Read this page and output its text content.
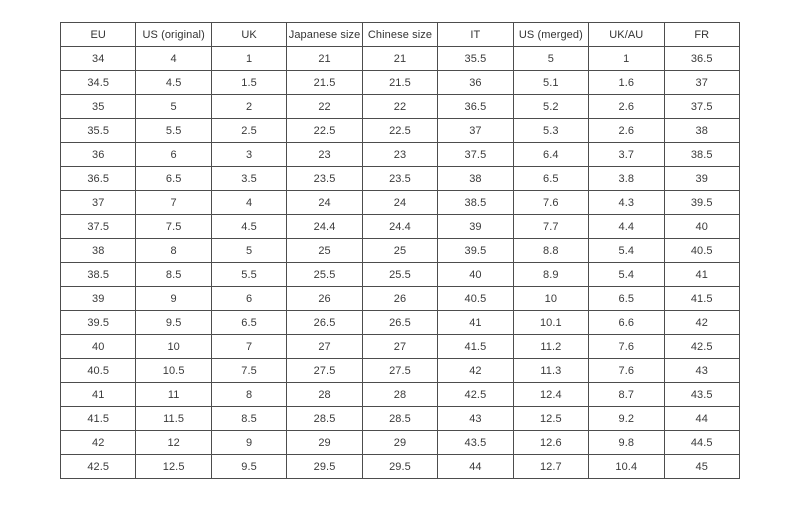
EU	US (original)	UK	Japanese size	Chinese size	IT	US (merged)	UK/AU	FR
34	4	1	21	21	35.5	5	1	36.5
34.5	4.5	1.5	21.5	21.5	36	5.1	1.6	37
35	5	2	22	22	36.5	5.2	2.6	37.5
35.5	5.5	2.5	22.5	22.5	37	5.3	2.6	38
36	6	3	23	23	37.5	6.4	3.7	38.5
36.5	6.5	3.5	23.5	23.5	38	6.5	3.8	39
37	7	4	24	24	38.5	7.6	4.3	39.5
37.5	7.5	4.5	24.4	24.4	39	7.7	4.4	40
38	8	5	25	25	39.5	8.8	5.4	40.5
38.5	8.5	5.5	25.5	25.5	40	8.9	5.4	41
39	9	6	26	26	40.5	10	6.5	41.5
39.5	9.5	6.5	26.5	26.5	41	10.1	6.6	42
40	10	7	27	27	41.5	11.2	7.6	42.5
40.5	10.5	7.5	27.5	27.5	42	11.3	7.6	43
41	11	8	28	28	42.5	12.4	8.7	43.5
41.5	11.5	8.5	28.5	28.5	43	12.5	9.2	44
42	12	9	29	29	43.5	12.6	9.8	44.5
42.5	12.5	9.5	29.5	29.5	44	12.7	10.4	45
